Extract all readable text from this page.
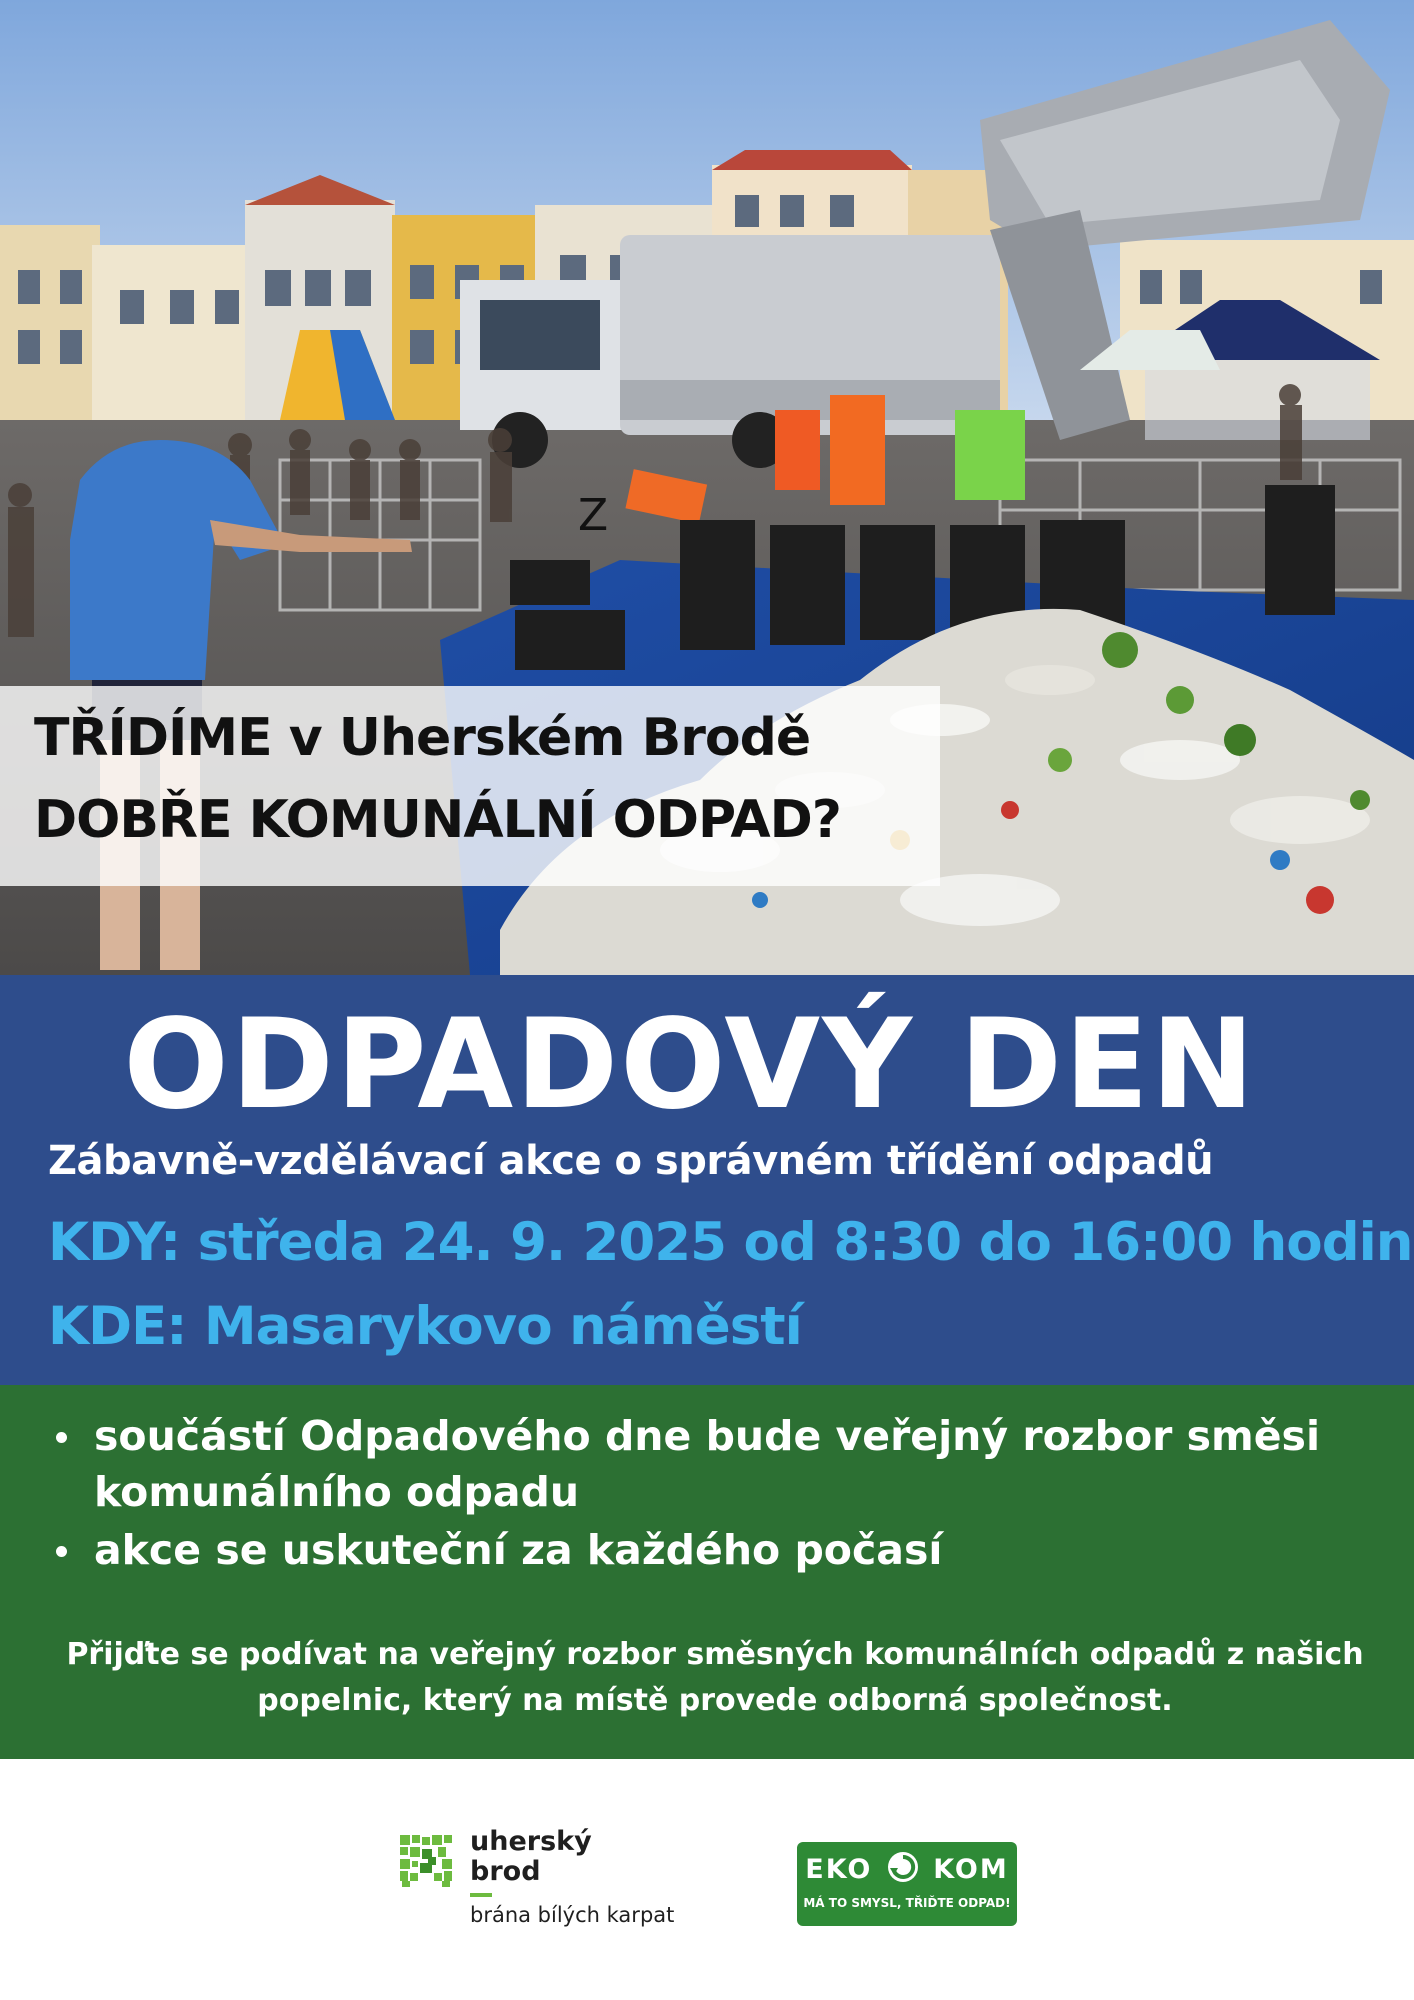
TŘÍDÍME v Uherském Brodě
DOBŘE KOMUNÁLNÍ ODPAD?
Z
ODPADOVÝ DEN
Zábavně-vzdělávací akce o správném třídění odpadů
KDY: středa 24. 9. 2025 od 8:30 do 16:00 hodin
KDE: Masarykovo náměstí
součástí Odpadového dne bude veřejný rozbor směsi komunálního odpadu
akce se uskuteční za každého počasí
Přijďte se podívat na veřejný rozbor směsných komunálních odpadů z našich popelnic, který na místě provede odborná společnost.
uherský
brod
brána bílých karpat
EKO KOM
MÁ TO SMYSL, TŘIĎTE ODPAD!
